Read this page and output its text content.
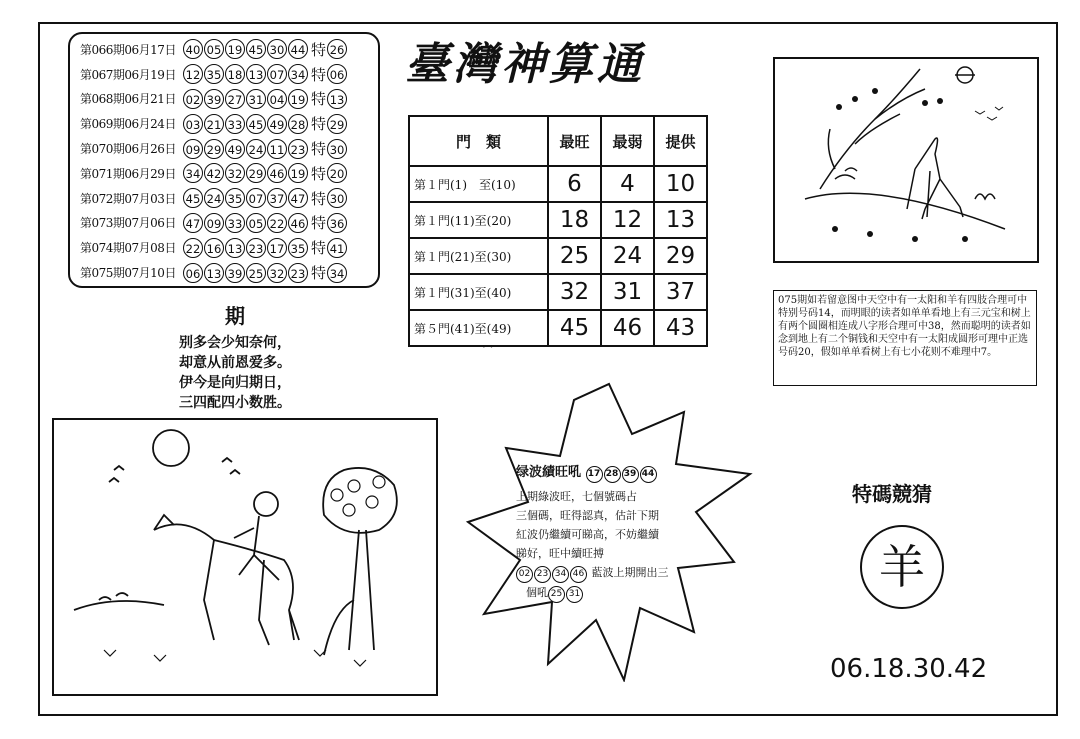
第066期06月17日 40 05 19 45 30 44 特 26
第067期06月19日 12 35 18 13 07 34 特 06
第068期06月21日 02 39 27 31 04 19 特 13
第069期06月24日 03 21 33 45 49 28 特 29
第070期06月26日 09 29 49 24 11 23 特 30
第071期06月29日 34 42 32 29 46 19 特 20
第072期07月03日 45 24 35 07 37 47 特 30
第073期07月06日 47 09 33 05 22 46 特 36
第074期07月08日 22 16 13 23 17 35 特 41
第075期07月10日 06 13 39 25 32 23 特 34
期
别多会少知奈何，
却意从前恩爱多。
伊今是向归期日，
三四配四小数胜。
臺灣神算通
門　類	最旺	最弱	提供
第１門(1)　至(10)	6	4	10
第１門(11)至(20)	18	12	13
第１門(21)至(30)	25	24	29
第１門(31)至(40)	32	31	37
第５門(41)至(49)	45	46	43
· ·
075期如若留意图中天空中有一太阳和羊有四肢合理可中特别号码14，而明眼的读者如单单看地上有三元宝和树上有两个圆圈相连成八字形合理可中38，然而聪明的读者如念到地上有二个铜钱和天空中有一太阳成圆形可理中正选号码20，假如单单看树上有七小花则不难理中7。
绿波績旺吼 17 28 39 44
上期綠波旺，七個號碼占
三個碼，旺得認真，估計下期
紅波仍繼續可睇高，不妨繼續
睇好，旺中續旺搏
02 23 34 46 藍波上期開出三
個吼 25 31
特碼競猜
羊
06.18.30.42
